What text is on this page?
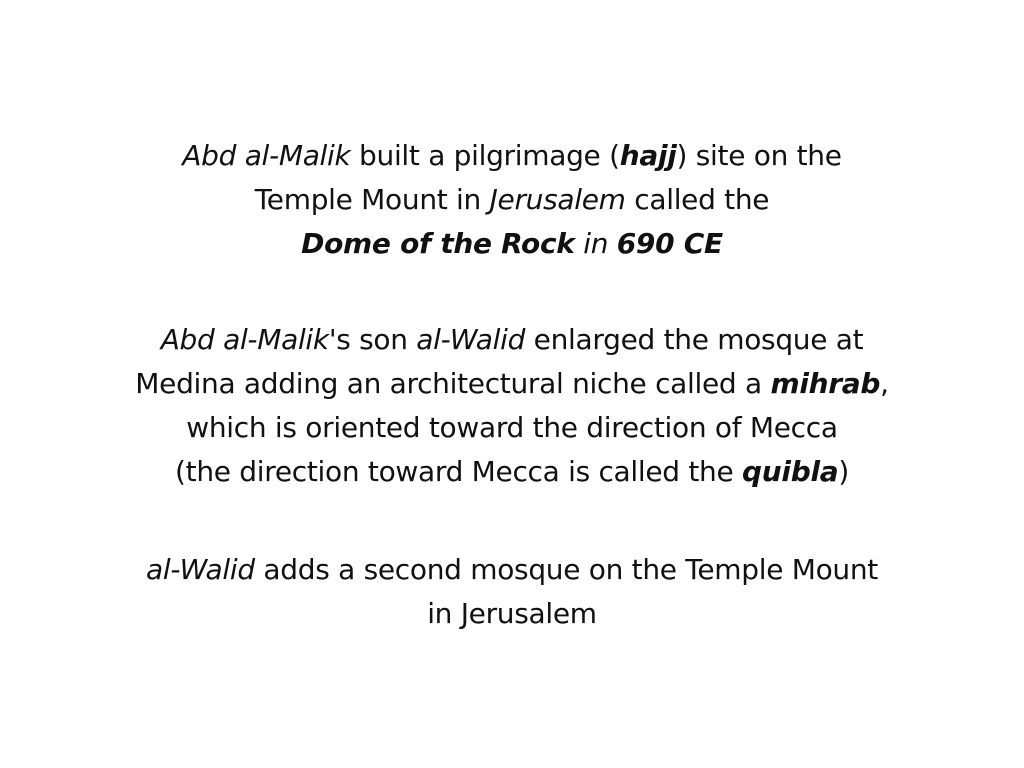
Abd al-Malik built a pilgrimage (hajj) site on the
Temple Mount in Jerusalem called the
Dome of the Rock in 690 CE
Abd al-Malik's son al-Walid enlarged the mosque at
Medina adding an architectural niche called a mihrab,
which is oriented toward the direction of Mecca
(the direction toward Mecca is called the quibla)
al-Walid adds a second mosque on the Temple Mount
in Jerusalem
